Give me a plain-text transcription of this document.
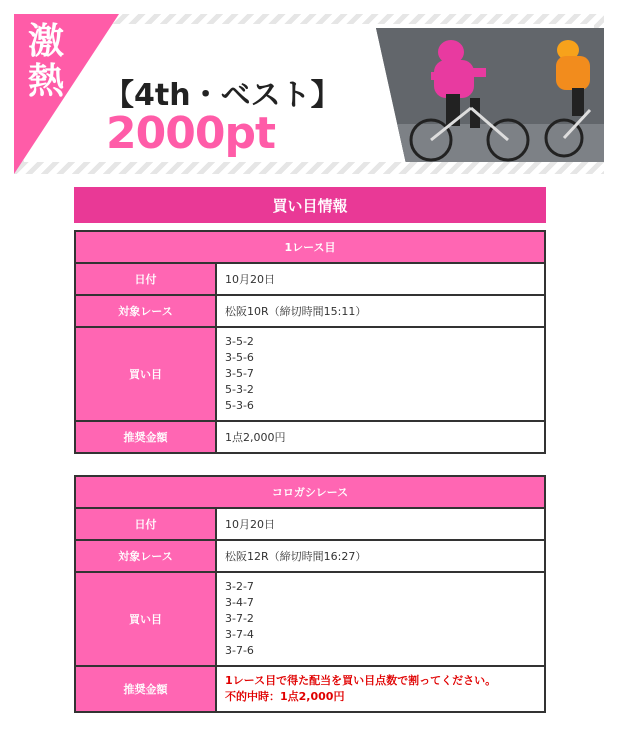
【4th・ベスト】
2000pt
激熱
買い目情報
1レース目	
日付	10月20日
対象レース	松阪10R（締切時間15:11）
買い目	3-5-2
3-5-6
3-5-7
5-3-2
5-3-6

推奨金額	1点2,000円
コロガシレース	
日付	10月20日
対象レース	松阪12R（締切時間16:27）
買い目	3-2-7
3-4-7
3-7-2
3-7-4
3-7-6

推奨金額	1レース目で得た配当を買い目点数で割ってください。
不的中時：1点2,000円
